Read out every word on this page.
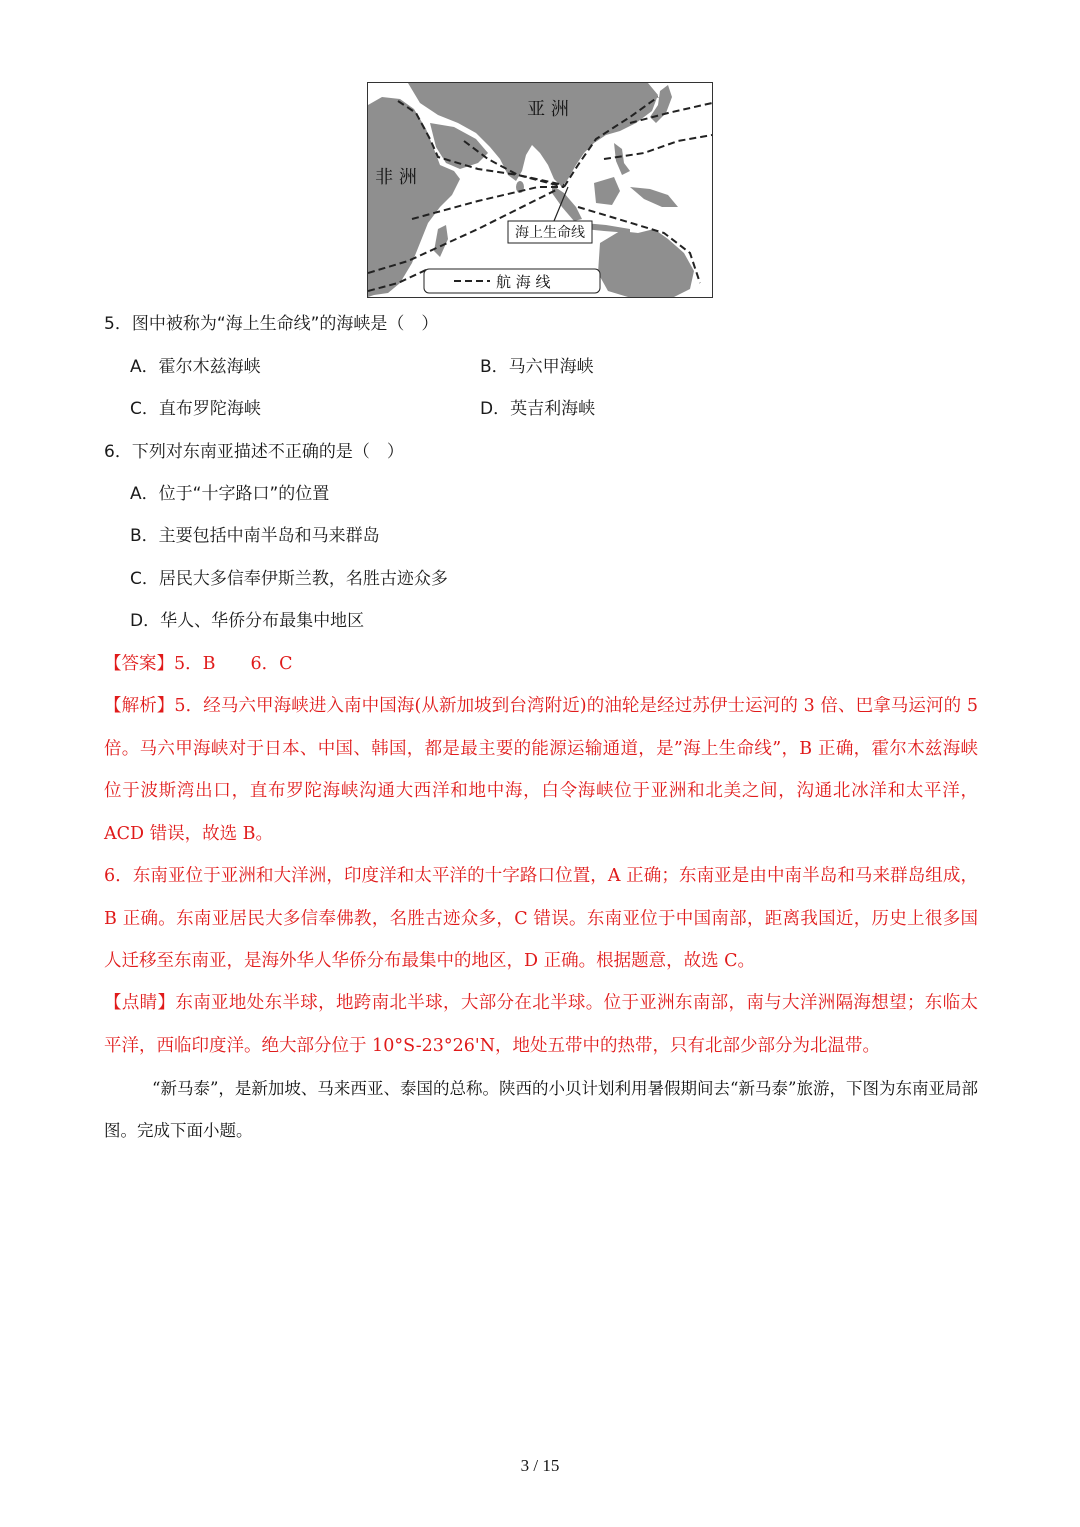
海上生命线
亚 洲
非 洲
航 海 线
5．图中被称为“海上生命线”的海峡是（　）
A．霍尔木兹海峡	B．马六甲海峡
C．直布罗陀海峡	D．英吉利海峡
6．下列对东南亚描述不正确的是（　）
A．位于“十字路口”的位置
B．主要包括中南半岛和马来群岛
C．居民大多信奉伊斯兰教，名胜古迹众多
D．华人、华侨分布最集中地区
【答案】5．B　　6．C
【解析】5．经马六甲海峡进入南中国海(从新加坡到台湾附近)的油轮是经过苏伊士运河的 3 倍、巴拿马运河的 5 倍。马六甲海峡对于日本、中国、韩国，都是最主要的能源运输通道，是”海上生命线”，B 正确，霍尔木兹海峡位于波斯湾出口，直布罗陀海峡沟通大西洋和地中海，白令海峡位于亚洲和北美之间，沟通北冰洋和太平洋，ACD 错误，故选 B。
6．东南亚位于亚洲和大洋洲，印度洋和太平洋的十字路口位置，A 正确；东南亚是由中南半岛和马来群岛组成，B 正确。东南亚居民大多信奉佛教，名胜古迹众多，C 错误。东南亚位于中国南部，距离我国近，历史上很多国人迁移至东南亚，是海外华人华侨分布最集中的地区，D 正确。根据题意，故选 C。
【点睛】东南亚地处东半球，地跨南北半球，大部分在北半球。位于亚洲东南部，南与大洋洲隔海想望；东临太平洋，西临印度洋。绝大部分位于 10°S-23°26'N，地处五带中的热带，只有北部少部分为北温带。
“新马泰”，是新加坡、马来西亚、泰国的总称。陕西的小贝计划利用暑假期间去“新马泰”旅游，下图为东南亚局部图。完成下面小题。
3 / 15
